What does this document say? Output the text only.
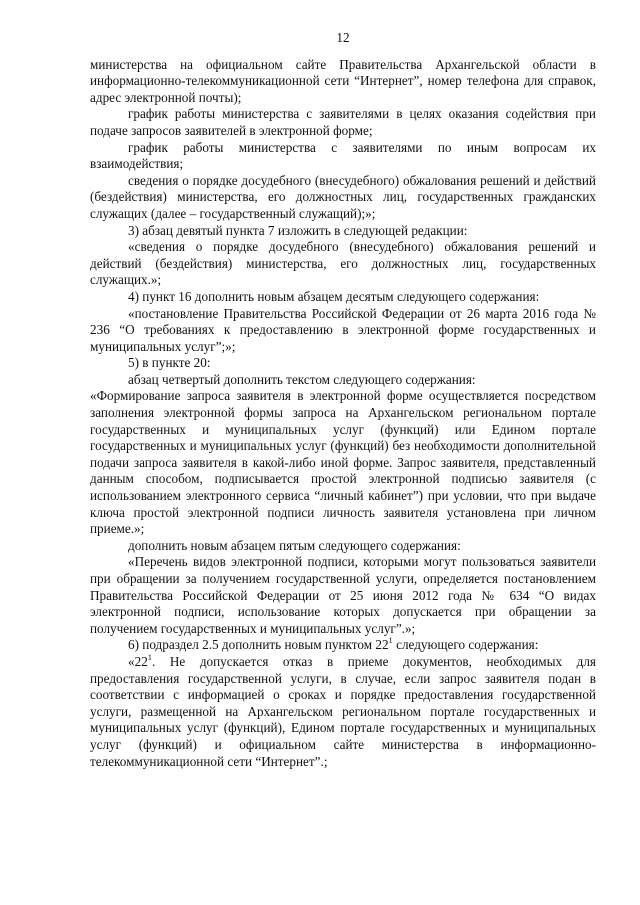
12

министерства на официальном сайте Правительства Архангельской области в информационно-телекоммуникационной сети “Интернет”, номер телефона для справок, адрес электронной почты);

график работы министерства с заявителями в целях оказания содействия при подаче запросов заявителей в электронной форме;

график работы министерства с заявителями по иным вопросам их взаимодействия;

сведения о порядке досудебного (внесудебного) обжалования решений и действий (бездействия) министерства, его должностных лиц, государственных гражданских служащих (далее – государственный служащий);»;

3) абзац девятый пункта 7 изложить в следующей редакции:

«сведения о порядке досудебного (внесудебного) обжалования решений и действий (бездействия) министерства, его должностных лиц, государственных служащих.»;

4) пункт 16 дополнить новым абзацем десятым следующего содержания:

«постановление Правительства Российской Федерации от 26 марта 2016 года № 236 “О требованиях к предоставлению в электронной форме государственных и муниципальных услуг”;»;

5) в пункте 20:

абзац четвертый дополнить текстом следующего содержания:

«Формирование запроса заявителя в электронной форме осуществляется посредством заполнения электронной формы запроса на Архангельском региональном портале государственных и муниципальных услуг (функций) или Едином портале государственных и муниципальных услуг (функций) без необходимости дополнительной подачи запроса заявителя в какой-либо иной форме. Запрос заявителя, представленный данным способом, подписывается простой электронной подписью заявителя (с использованием электронного сервиса “личный кабинет”) при условии, что при выдаче ключа простой электронной подписи личность заявителя установлена при личном приеме.»;

дополнить новым абзацем пятым следующего содержания:

«Перечень видов электронной подписи, которыми могут пользоваться заявители при обращении за получением государственной услуги, определяется постановлением Правительства Российской Федерации от 25 июня 2012 года № 634 “О видах электронной подписи, использование которых допускается при обращении за получением государственных и муниципальных услуг”.»;

6) подраздел 2.5 дополнить новым пунктом $22^1$ следующего содержания:

«$22^1$. Не допускается отказ в приеме документов, необходимых для предоставления государственной услуги, в случае, если запрос заявителя подан в соответствии с информацией о сроках и порядке предоставления государственной услуги, размещенной на Архангельском региональном портале государственных и муниципальных услуг (функций), Едином портале государственных и муниципальных услуг (функций) и официальном сайте министерства в информационно-телекоммуникационной сети “Интернет”.;
